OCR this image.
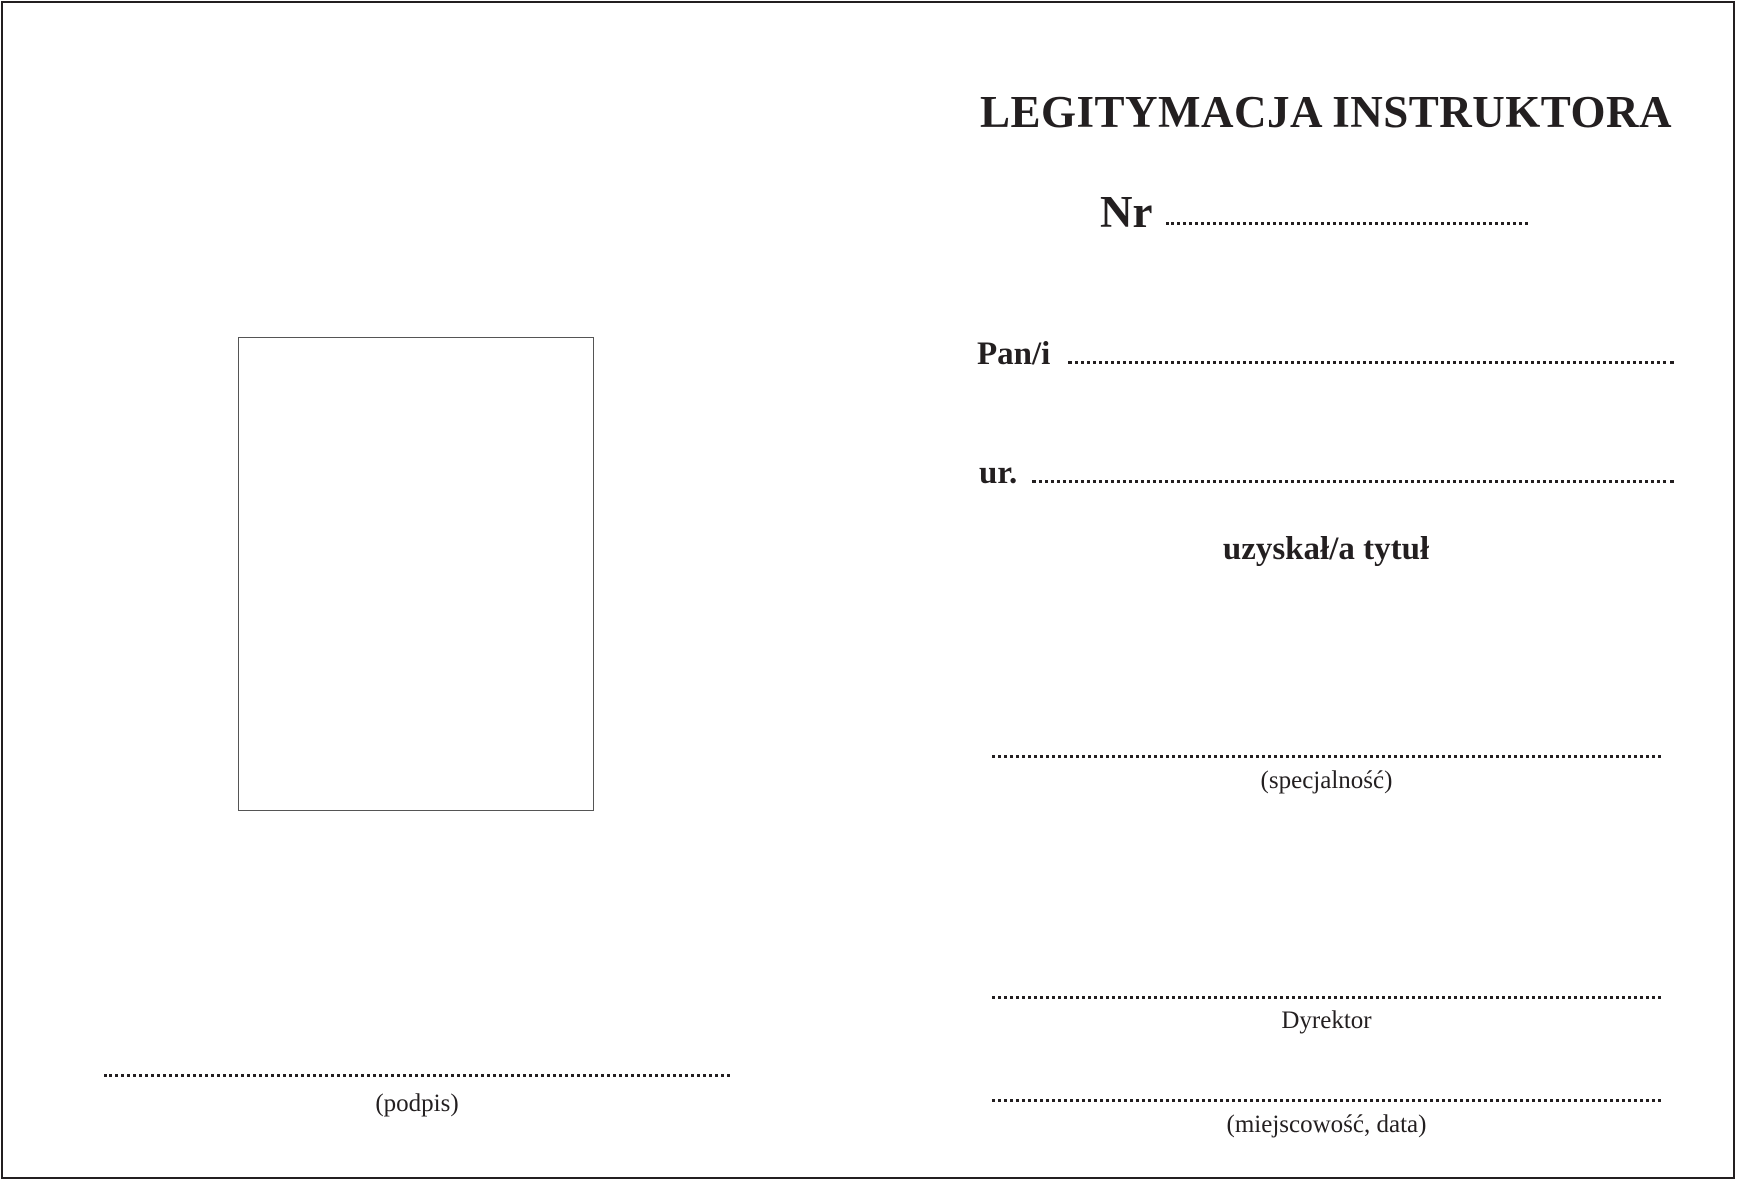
(podpis)
LEGITYMACJA INSTRUKTORA
Nr
Pan/i
ur.
uzyskał/a tytuł
(specjalność)
Dyrektor
(miejscowość, data)
